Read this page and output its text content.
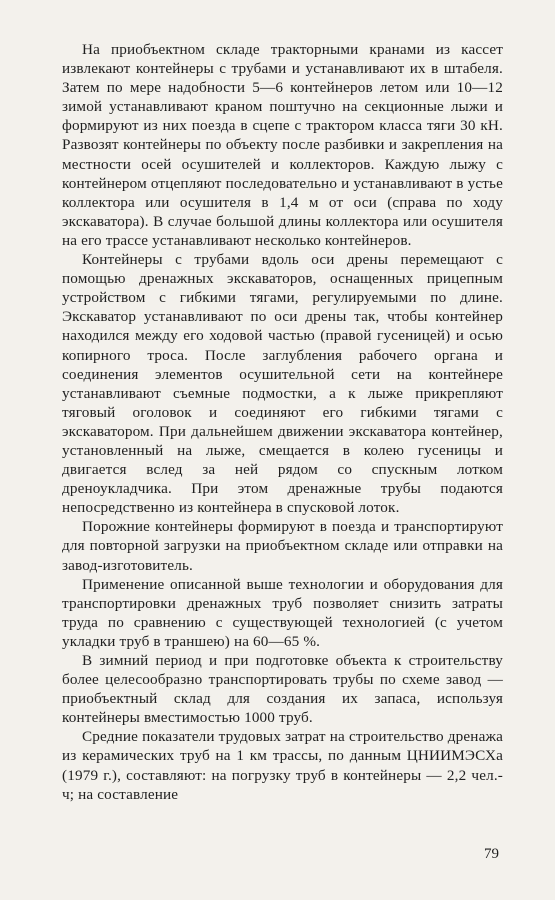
На приобъектном складе тракторными кранами из кассет извлекают контейнеры с трубами и устанавливают их в штабеля. Затем по мере надобности 5—6 контейнеров летом или 10—12 зимой устанавливают краном поштучно на секционные лыжи и формируют из них поезда в сцепе с трактором класса тяги 30 кН. Развозят контейнеры по объекту после разбивки и закрепления на местности осей осушителей и коллекторов. Каждую лыжу с контейнером отцепляют последовательно и устанавливают в устье коллектора или осушителя в 1,4 м от оси (справа по ходу экскаватора). В случае большой длины коллектора или осушителя на его трассе устанавливают несколько контейнеров.

Контейнеры с трубами вдоль оси дрены перемещают с помощью дренажных экскаваторов, оснащенных прицепным устройством с гибкими тягами, регулируемыми по длине. Экскаватор устанавливают по оси дрены так, чтобы контейнер находился между его ходовой частью (правой гусеницей) и осью копирного троса. После заглубления рабочего органа и соединения элементов осушительной сети на контейнере устанавливают съемные подмостки, а к лыже прикрепляют тяговый оголовок и соединяют его гибкими тягами с экскаватором. При дальнейшем движении экскаватора контейнер, установленный на лыже, смещается в колею гусеницы и двигается вслед за ней рядом со спускным лотком дреноукладчика. При этом дренажные трубы подаются непосредственно из контейнера в спусковой лоток.

Порожние контейнеры формируют в поезда и транспортируют для повторной загрузки на приобъектном складе или отправки на завод-изготовитель.

Применение описанной выше технологии и оборудования для транспортировки дренажных труб позволяет снизить затраты труда по сравнению с существующей технологией (с учетом укладки труб в траншею) на 60—65 %.

В зимний период и при подготовке объекта к строительству более целесообразно транспортировать трубы по схеме завод — приобъектный склад для создания их запаса, используя контейнеры вместимостью 1000 труб.

Средние показатели трудовых затрат на строительство дренажа из керамических труб на 1 км трассы, по данным ЦНИИМЭСХа (1979 г.), составляют: на погрузку труб в контейнеры — 2,2 чел.-ч; на составление

79
